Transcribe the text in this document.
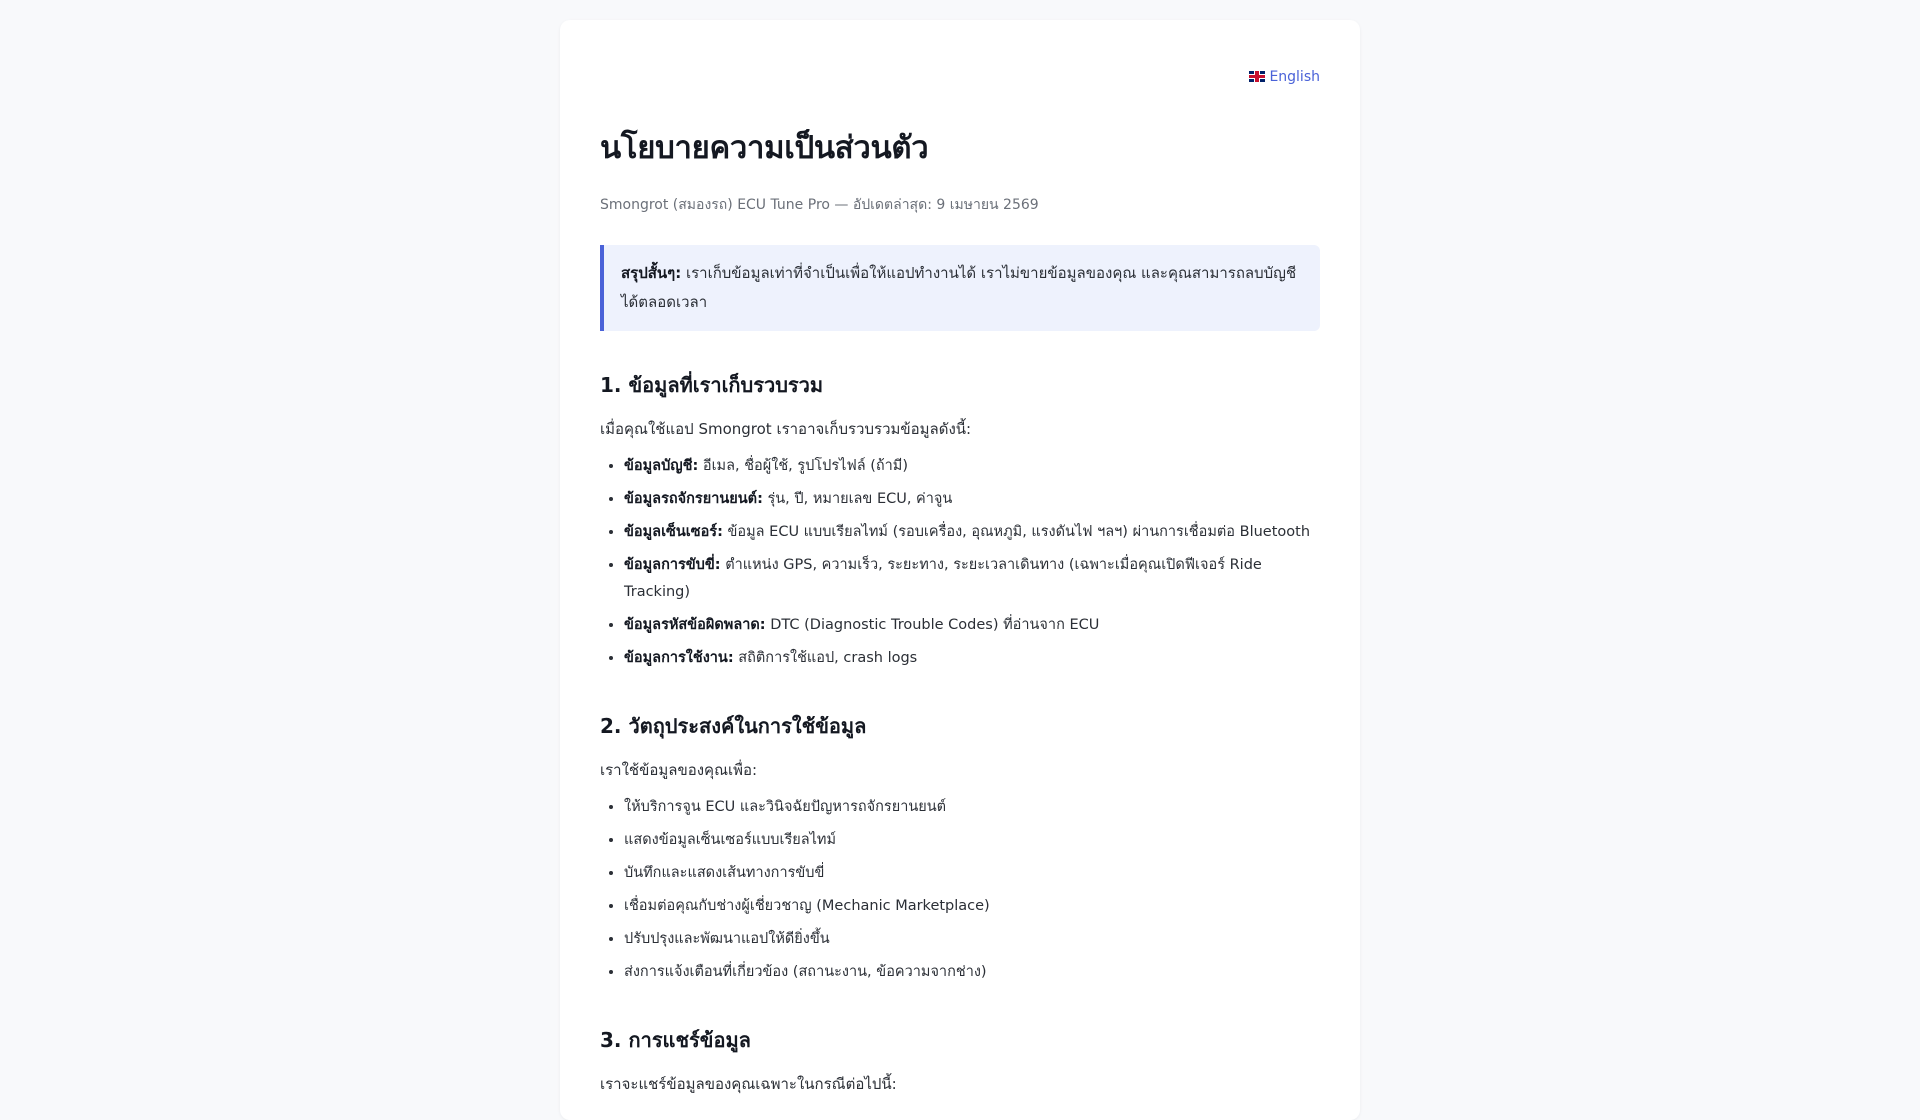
English
นโยบายความเป็นส่วนตัว
Smongrot (สมองรถ) ECU Tune Pro — อัปเดตล่าสุด: 9 เมษายน 2569
สรุปสั้นๆ: เราเก็บข้อมูลเท่าที่จำเป็นเพื่อให้แอปทำงานได้ เราไม่ขายข้อมูลของคุณ และคุณสามารถลบบัญชีได้ตลอดเวลา
1. ข้อมูลที่เราเก็บรวบรวม

เมื่อคุณใช้แอป Smongrot เราอาจเก็บรวบรวมข้อมูลดังนี้:

• ข้อมูลบัญชี: อีเมล, ชื่อผู้ใช้, รูปโปรไฟล์ (ถ้ามี)
• ข้อมูลรถจักรยานยนต์: รุ่น, ปี, หมายเลข ECU, ค่าจูน
• ข้อมูลเซ็นเซอร์: ข้อมูล ECU แบบเรียลไทม์ (รอบเครื่อง, อุณหภูมิ, แรงดันไฟ ฯลฯ) ผ่านการเชื่อมต่อ Bluetooth
• ข้อมูลการขับขี่: ตำแหน่ง GPS, ความเร็ว, ระยะทาง, ระยะเวลาเดินทาง (เฉพาะเมื่อคุณเปิดฟีเจอร์ Ride Tracking)
• ข้อมูลรหัสข้อผิดพลาด: DTC (Diagnostic Trouble Codes) ที่อ่านจาก ECU
• ข้อมูลการใช้งาน: สถิติการใช้แอป, crash logs
2. วัตถุประสงค์ในการใช้ข้อมูล

เราใช้ข้อมูลของคุณเพื่อ:

• ให้บริการจูน ECU และวินิจฉัยปัญหารถจักรยานยนต์
• แสดงข้อมูลเซ็นเซอร์แบบเรียลไทม์
• บันทึกและแสดงเส้นทางการขับขี่
• เชื่อมต่อคุณกับช่างผู้เชี่ยวชาญ (Mechanic Marketplace)
• ปรับปรุงและพัฒนาแอปให้ดียิ่งขึ้น
• ส่งการแจ้งเตือนที่เกี่ยวข้อง (สถานะงาน, ข้อความจากช่าง)
3. การแชร์ข้อมูล

เราจะแชร์ข้อมูลของคุณเฉพาะในกรณีต่อไปนี้:
